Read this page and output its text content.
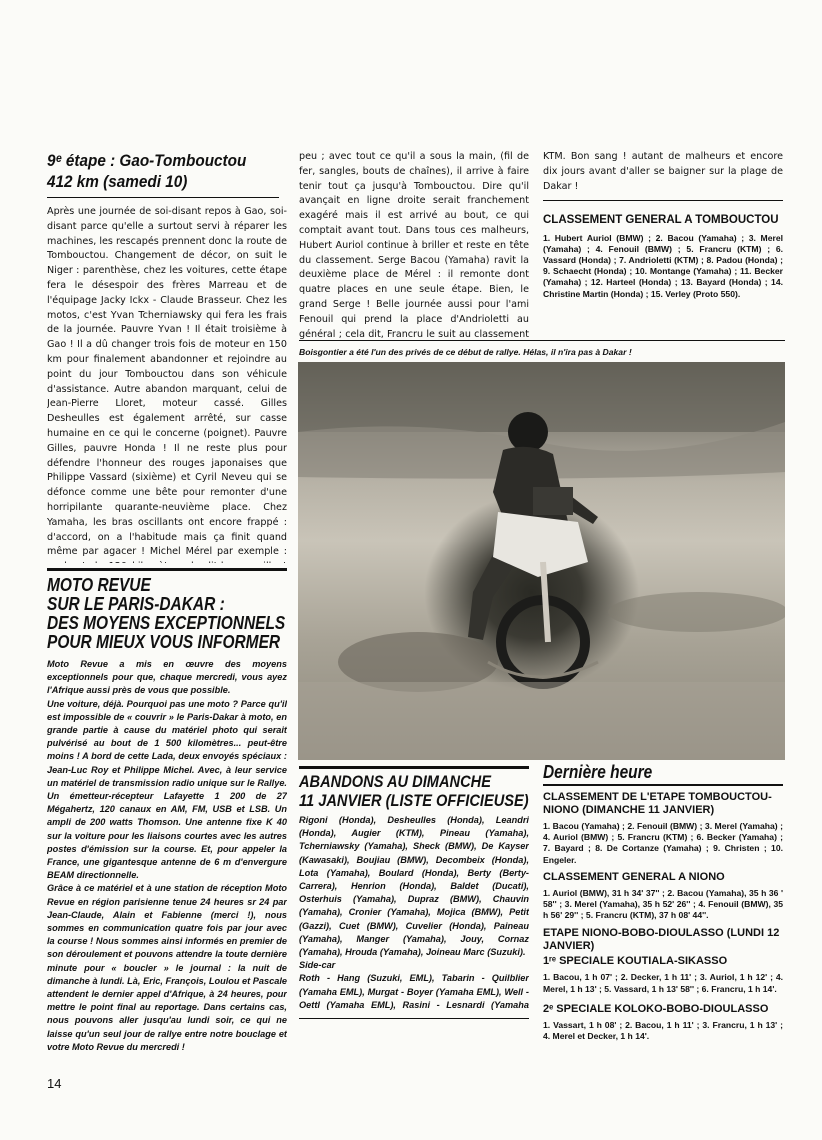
9ᵉ étape : Gao-Tombouctou
412 km (samedi 10)

Après une journée de soi-disant repos à Gao, soi-disant parce qu'elle a surtout servi à réparer les machines, les rescapés prennent donc la route de Tombouctou. Changement de décor, on suit le Niger : parenthèse, chez les voitures, cette étape fera le désespoir des frères Marreau et de l'équipage Jacky Ickx - Claude Brasseur. Chez les motos, c'est Yvan Tcherniawsky qui fera les frais de la journée. Pauvre Yvan ! Il était troisième à Gao ! Il a dû changer trois fois de moteur en 150 km pour finalement abandonner et rejoindre au point du jour Tombouctou dans son véhicule d'assistance. Autre abandon marquant, celui de Jean-Pierre Lloret, moteur cassé. Gilles Desheulles est également arrêté, sur casse humaine en ce qui le concerne (poignet). Pauvre Gilles, pauvre Honda ! Il ne reste plus pour défendre l'honneur des rouges japonaises que Philippe Vassard (sixième) et Cyril Neveu qui se défonce comme une bête pour remonter d'une horripilante quarante-neuvième place. Chez Yamaha, les bras oscillants ont encore frappé : d'accord, on a l'habitude mais ça finit quand même par agacer ! Michel Mérel par exemple :

peu ; avec tout ce qu'il a sous la main, (fil de fer, sangles, bouts de chaînes), il arrive à faire tenir tout ça jusqu'à Tombouctou. Dire qu'il avançait en ligne droite serait franchement exagéré mais il est arrivé au bout, ce qui comptait avant tout. Dans tous ces malheurs, Hubert Auriol continue à briller et reste en tête du classement. Serge Bacou (Yamaha) ravit la deuxième place de Mérel : il remonte dont quatre places en une seule étape. Bien, le grand Serge ! Belle journée aussi pour l'ami Fenouil qui prend la place d'Andrioletti au général ; cela dit, Francru le suit au classement

KTM. Bon sang ! autant de malheurs et encore dix jours avant d'aller se baigner sur la plage de Dakar !

CLASSEMENT GENERAL A TOMBOUCTOU

1. Hubert Auriol (BMW) ; 2. Bacou (Yamaha) ; 3. Merel (Yamaha) ; 4. Fenouil (BMW) ; 5. Francru (KTM) ; 6. Vassard (Honda) ; 7. Andrioletti (KTM) ; 8. Padou (Honda) ; 9. Schaecht (Honda) ; 10. Montange (Yamaha) ; 11. Becker (Yamaha) ; 12. Harteel (Honda) ; 13. Bayard (Honda) ; 14. Christine Martin (Honda) ; 15. Verley (Proto 550).

Boisgontier a été l'un des privés de ce début de rallye. Hélas, il n'ira pas à Dakar !

MOTO REVUE
SUR LE PARIS-DAKAR :
DES MOYENS EXCEPTIONNELS
POUR MIEUX VOUS INFORMER

Moto Revue a mis en œuvre des moyens exceptionnels pour que, chaque mercredi, vous ayez l'Afrique aussi près de vous que possible.
Une voiture, déjà. Pourquoi pas une moto ? Parce qu'il est impossible de « couvrir » le Paris-Dakar à moto, en grande partie à cause du matériel photo qui serait pulvérisé au bout de 1 500 kilomètres... peut-être moins ! A bord de cette Lada, deux envoyés spéciaux : Jean-Luc Roy et Philippe Michel. Avec, à leur service un matériel de transmission radio unique sur le Rallye. Un émetteur-récepteur Lafayette 1 200 de 27 Mégahertz, 120 canaux en AM, FM, USB et LSB. Un ampli de 200 watts Thomson. Une antenne fixe K 40 sur la voiture pour les liaisons courtes avec les autres postes d'émission sur la course. Et, pour appeler la France, une gigantesque antenne de 6 m d'envergure BEAM directionnelle.
Grâce à ce matériel et à une station de réception Moto Revue en région parisienne tenue 24 heures sr 24 par Jean-Claude, Alain et Fabienne (merci !), nous sommes en communication quatre fois par jour avec la course ! Nous sommes ainsi informés en premier de son déroulement et pouvons attendre la toute dernière minute pour « boucler » le journal : la nuit de dimanche à lundi. Là, Eric, François, Loulou et Pascale attendent le dernier appel d'Afrique, à 24 heures, pour mettre le point final au reportage. Dans certains cas, nous pouvons aller jusqu'au lundi soir, ce qui ne laisse qu'un seul jour de rallye entre notre bouclage et votre Moto Revue du mercredi !

ABANDONS AU DIMANCHE
11 JANVIER (LISTE OFFICIEUSE)

Rigoni (Honda), Desheulles (Honda), Leandri (Honda), Augier (KTM), Pineau (Yamaha), Tcherniawsky (Yamaha), Sheck (BMW), De Kayser (Kawasaki), Boujiau (BMW), Decombeix (Honda), Lota (Yamaha), Boulard (Honda), Berty (Berty-Carrera), Henrion (Honda), Baldet (Ducati), Osterhuis (Yamaha), Dupraz (BMW), Chauvin (Yamaha), Cronier (Yamaha), Mojica (BMW), Petit (Gazzi), Cuet (BMW), Cuvelier (Honda), Paineau (Yamaha), Manger (Yamaha), Jouy, Cornaz (Yamaha), Hrouda (Yamaha), Joineau Marc (Suzuki).

Side-car

Roth - Hang (Suzuki, EML), Tabarin - Quilblier (Yamaha EML), Murgat - Boyer (Yamaha EML), Well - Oettl (Yamaha EML), Rasini - Lesnardi (Yamaha

Dernière heure

CLASSEMENT DE L'ETAPE TOMBOUCTOU-NIONO (DIMANCHE 11 JANVIER)

1. Bacou (Yamaha) ; 2. Fenouil (BMW) ; 3. Merel (Yamaha) ; 4. Auriol (BMW) ; 5. Francru (KTM) ; 6. Becker (Yamaha) ; 7. Bayard ; 8. De Cortanze (Yamaha) ; 9. Christen ; 10. Engeler.

CLASSEMENT GENERAL A NIONO

1. Auriol (BMW), 31 h 34' 37'' ; 2. Bacou (Yamaha), 35 h 36 ' 58'' ; 3. Merel (Yamaha), 35 h 52' 26'' ; 4. Fenouil (BMW), 35 h 56' 29'' ; 5. Francru (KTM), 37 h 08' 44''.

ETAPE NIONO-BOBO-DIOULASSO (LUNDI 12 JANVIER)

1ʳᵉ SPECIALE KOUTIALA-SIKASSO

1. Bacou, 1 h 07' ; 2. Decker, 1 h 11' ; 3. Auriol, 1 h 12' ; 4. Merel, 1 h 13' ; 5. Vassard, 1 h 13' 58'' ; 6. Francru, 1 h 14'.

2ᵉ SPECIALE KOLOKO-BOBO-DIOULASSO

1. Vassart, 1 h 08' ; 2. Bacou, 1 h 11' ; 3. Francru, 1 h 13' ; 4. Merel et Decker, 1 h 14'.

14
